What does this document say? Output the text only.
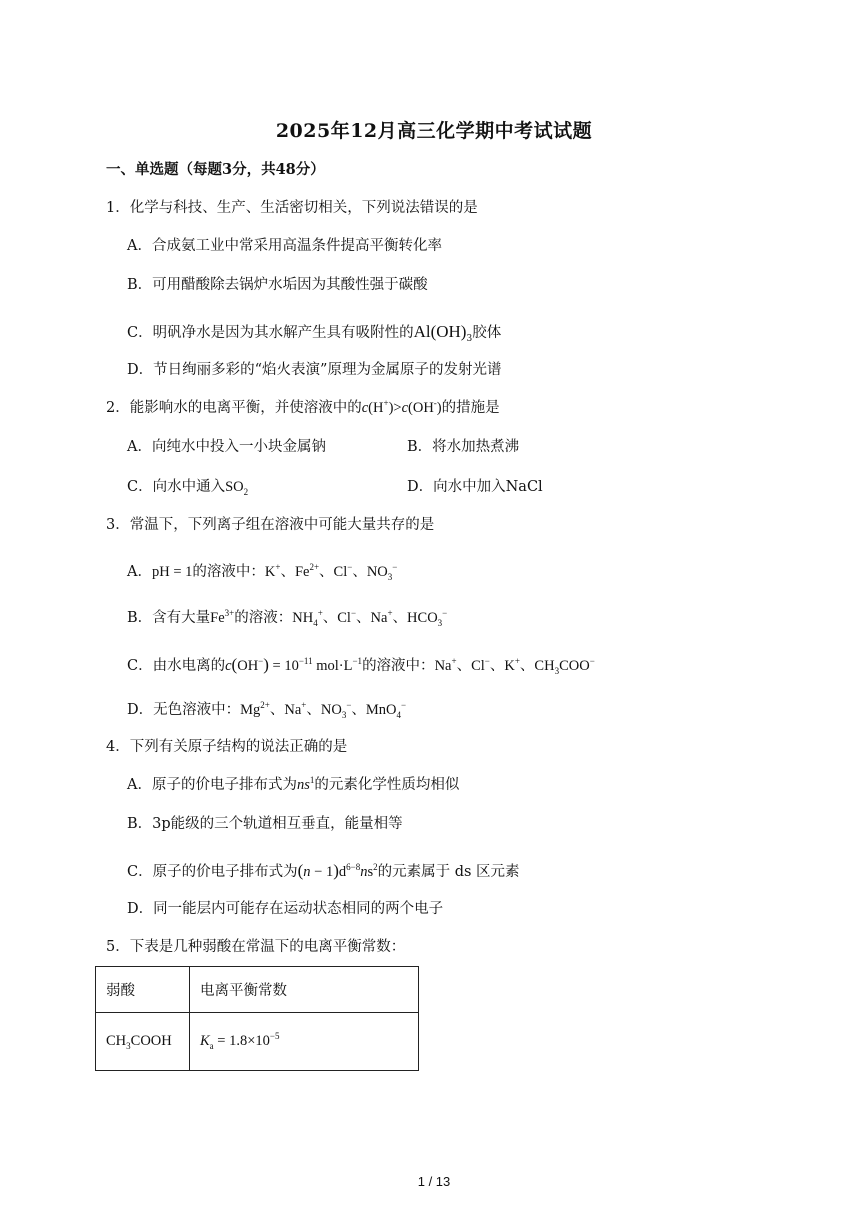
2025年12月高三化学期中考试试题
一、单选题（每题3分，共48分）
1．化学与科技、生产、生活密切相关，下列说法错误的是
A．合成氨工业中常采用高温条件提高平衡转化率
B．可用醋酸除去锅炉水垢因为其酸性强于碳酸
C．明矾净水是因为其水解产生具有吸附性的$Al(OH)_3$胶体
D．节日绚丽多彩的“焰火表演”原理为金属原子的发射光谱
2．能影响水的电离平衡，并使溶液中的c(H+)>c(OH-)的措施是
A．向纯水中投入一小块金属钠	B．将水加热煮沸
C．向水中通入$SO_2$	D．向水中加入NaCl
3．常温下，下列离子组在溶液中可能大量共存的是
A．pH = 1的溶液中：K+、$Fe^{2+}$、Cl−、$NO_3^-$
B．含有大量$Fe^{3+}$的溶液：$NH_4^+$、Cl−、Na+、$HCO_3^-$
C．由水电离的$c(OH^-) = 10^{-11}$ $mol\cdot L^{-1}$的溶液中：Na+、Cl−、K+、$CH_3COO^-$
D．无色溶液中：$Mg^{2+}$、Na+、$NO_3^-$、MnO$_4$−
4．下列有关原子结构的说法正确的是
A．原子的价电子排布式为$ns^1$的元素化学性质均相似
B．3p能级的三个轨道相互垂直，能量相等
C．原子的价电子排布式为$(n - 1)d^{6-8}ns^2$的元素属于 ds 区元素
D．同一能层内可能存在运动状态相同的两个电子
5．下表是几种弱酸在常温下的电离平衡常数：
弱酸	电离平衡常数
$CH_3COOH$	$K_a = 1.8\times 10^{-5}$
1 / 13
